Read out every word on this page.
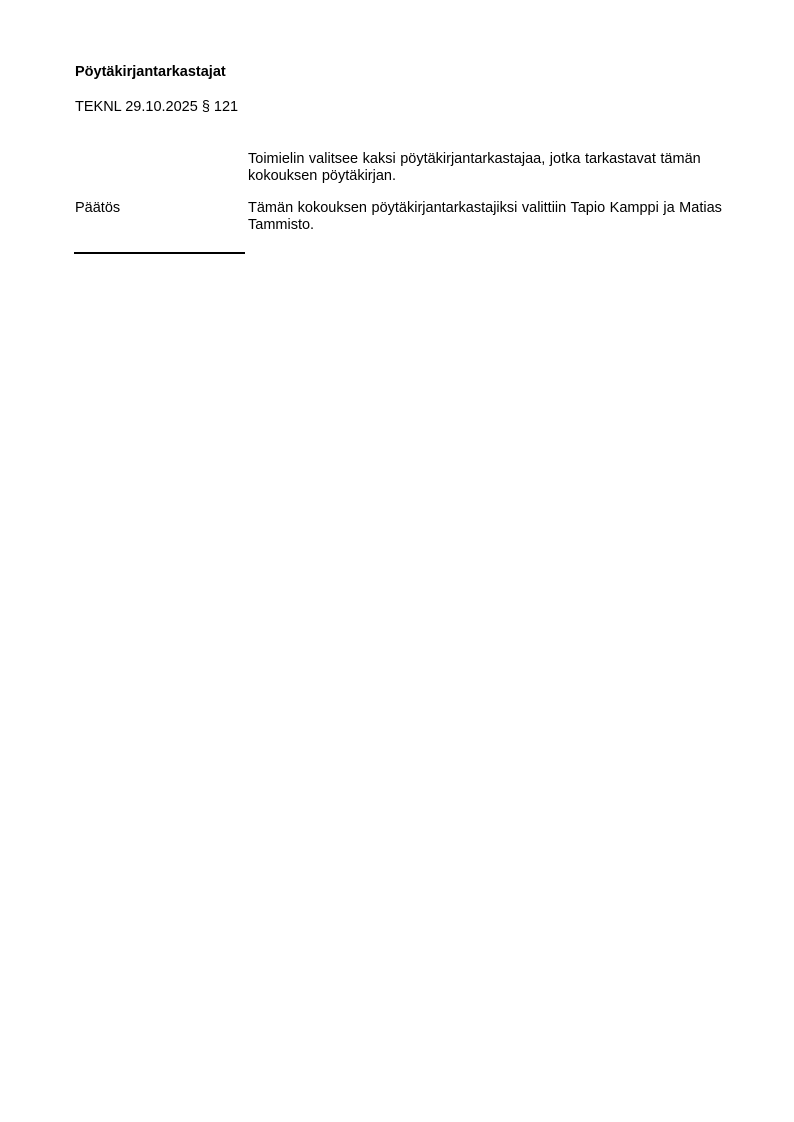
Pöytäkirjantarkastajat
TEKNL 29.10.2025 § 121

Toimielin valitsee kaksi pöytäkirjantarkastajaa, jotka tarkastavat tämän kokouksen pöytäkirjan.

Päätös	Tämän kokouksen pöytäkirjantarkastajiksi valittiin Tapio Kamppi ja Matias Tammisto.
